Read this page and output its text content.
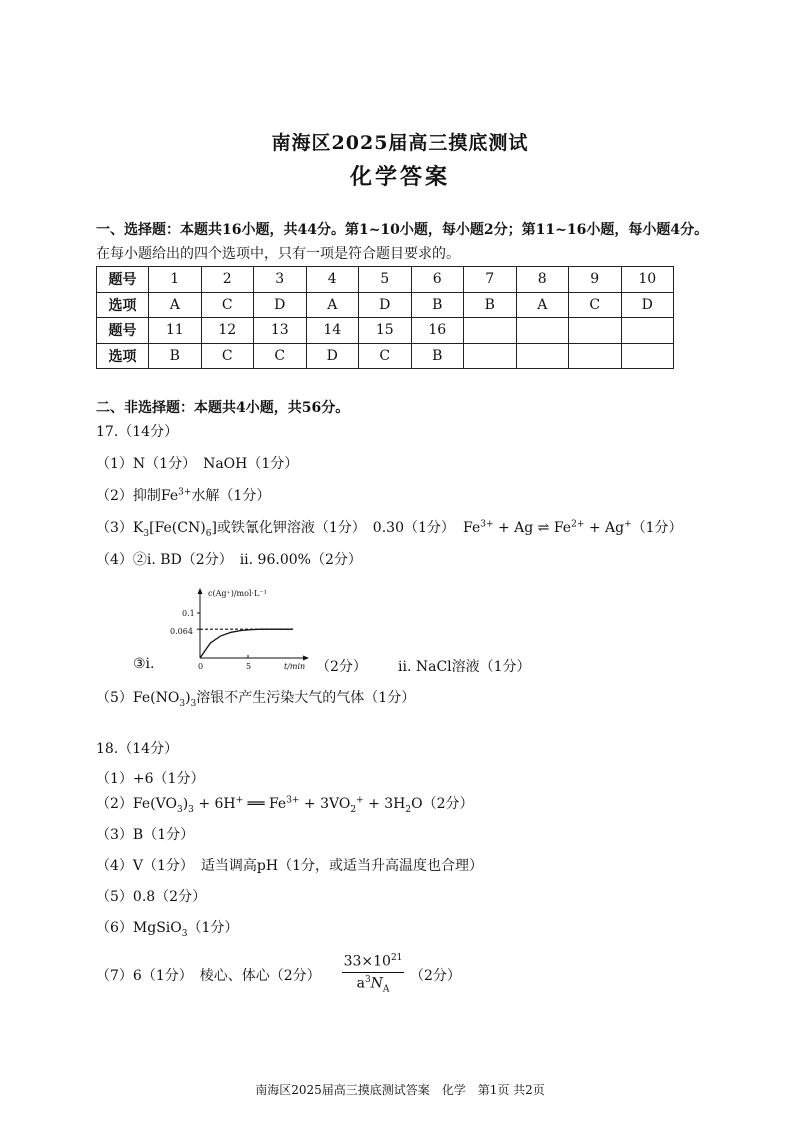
南海区2025届高三摸底测试
化学答案
一、选择题：本题共16小题，共44分。第1~10小题，每小题2分；第11~16小题，每小题4分。
在每小题给出的四个选项中，只有一项是符合题目要求的。
题号	1	2	3	4	5	6	7	8	9	10
选项	A	C	D	A	D	B	B	A	C	D
题号	11	12	13	14	15	16				
选项	B	C	C	D	C	B				
二、非选择题：本题共4小题，共56分。
17.（14分）
（1）N（1分）　NaOH（1分）
（2）抑制$Fe^{3+}$水解（1分）
$(3)K_3[Fe(CN)_6]$或铁氰化钾溶液（1分）　0.30（1分） $Fe^{3+} + Ag$ ⇌ $Fe^{2+} + Ag^+(1$分）
（4）②i. BD（2分）　ii. 96.00%（2分）
c(Ag⁺)/mol·L⁻¹
0.1
0.064
0	5	t/min
③i.	（2分） ii. NaCl溶液（1分）
$(5)Fe(NO_3)_3$溶银不产生污染大气的气体（1分）
18.（14分）
（1）+6（1分）
$(2)Fe(VO_3)_3 + 6H^+$ ══ $Fe^{3+} + 3VO_2^+ + 3H_2O(2$分）
（3）B（1分）
（4）V（1分）　适当调高pH（1分，或适当升高温度也合理）
（5）0.8（2分）
（6）MgSiO$_3$（1分）
（7）6（1分）　棱心、体心（2分） $\frac{33\times 10^{21}}{a^3N_A} (2$分）
南海区2025届高三摸底测试答案　化学　第1页 共2页
